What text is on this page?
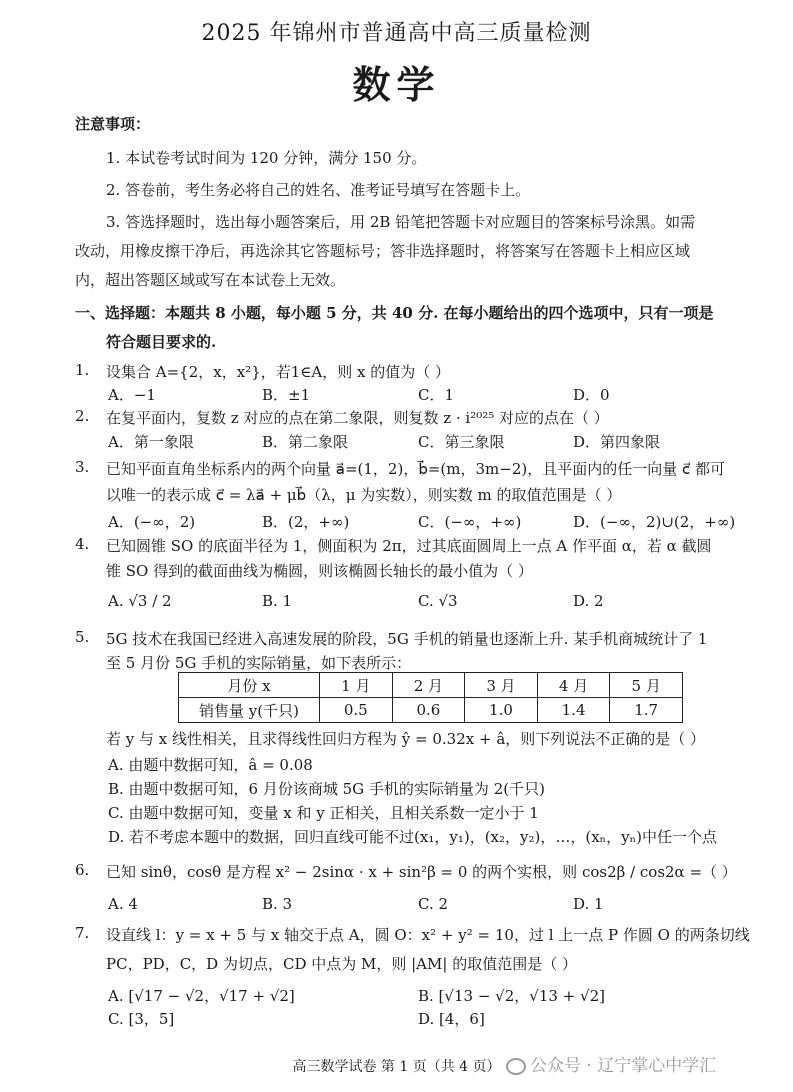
2025 年锦州市普通高中高三质量检测
数学
注意事项：
1. 本试卷考试时间为 120 分钟，满分 150 分。
2. 答卷前，考生务必将自己的姓名、准考证号填写在答题卡上。
3. 答选择题时，选出每小题答案后，用 2B 铅笔把答题卡对应题目的答案标号涂黑。如需
改动，用橡皮擦干净后，再选涂其它答题标号；答非选择题时，将答案写在答题卡上相应区域
内，超出答题区域或写在本试卷上无效。
一、选择题：本题共 8 小题，每小题 5 分，共 40 分. 在每小题给出的四个选项中，只有一项是
符合题目要求的.
1. 设集合 A={2，x，x²}，若1∈A，则 x 的值为（ ）
A．−1	B．±1	C．1	D．0
2. 在复平面内，复数 z 对应的点在第二象限，则复数 z · i²⁰²⁵ 对应的点在（ ）
A．第一象限	B．第二象限	C．第三象限	D．第四象限
3. 已知平面直角坐标系内的两个向量 a⃗=(1，2)，b⃗=(m，3m−2)，且平面内的任一向量 c⃗ 都可
以唯一的表示成 c⃗ = λa⃗ + μb⃗（λ，μ 为实数），则实数 m 的取值范围是（ ）
A．(−∞，2)	B．(2，+∞)	C．(−∞，+∞)	D．(−∞，2)∪(2，+∞)
4. 已知圆锥 SO 的底面半径为 1，侧面积为 2π，过其底面圆周上一点 A 作平面 α，若 α 截圆
锥 SO 得到的截面曲线为椭圆，则该椭圆长轴长的最小值为（ ）
A. √3 / 2	B. 1	C. √3	D. 2
5. 5G 技术在我国已经进入高速发展的阶段，5G 手机的销量也逐渐上升. 某手机商城统计了 1
至 5 月份 5G 手机的实际销量，如下表所示：
月份 x	1 月	2 月	3 月	4 月	5 月
销售量 y(千只)	0.5	0.6	1.0	1.4	1.7
若 y 与 x 线性相关，且求得线性回归方程为 ŷ = 0.32x + â，则下列说法不正确的是（ ）
A. 由题中数据可知，â = 0.08
B. 由题中数据可知，6 月份该商城 5G 手机的实际销量为 2(千只)
C. 由题中数据可知，变量 x 和 y 正相关，且相关系数一定小于 1
D. 若不考虑本题中的数据，回归直线可能不过(x₁，y₁)，(x₂，y₂)，…，(xₙ，yₙ)中任一个点
6. 已知 sinθ，cosθ 是方程 x² − 2sinα · x + sin²β = 0 的两个实根，则 cos2β / cos2α =（ ）
A. 4	B. 3	C. 2	D. 1
7. 设直线 l：y = x + 5 与 x 轴交于点 A，圆 O：x² + y² = 10，过 l 上一点 P 作圆 O 的两条切线
PC，PD，C，D 为切点，CD 中点为 M，则 |AM| 的取值范围是（ ）
A. [√17 − √2，√17 + √2]	B. [√13 − √2，√13 + √2]
C. [3，5]	D. [4，6]
高三数学试卷 第 1 页（共 4 页）	公众号 · 辽宁掌心中学汇
